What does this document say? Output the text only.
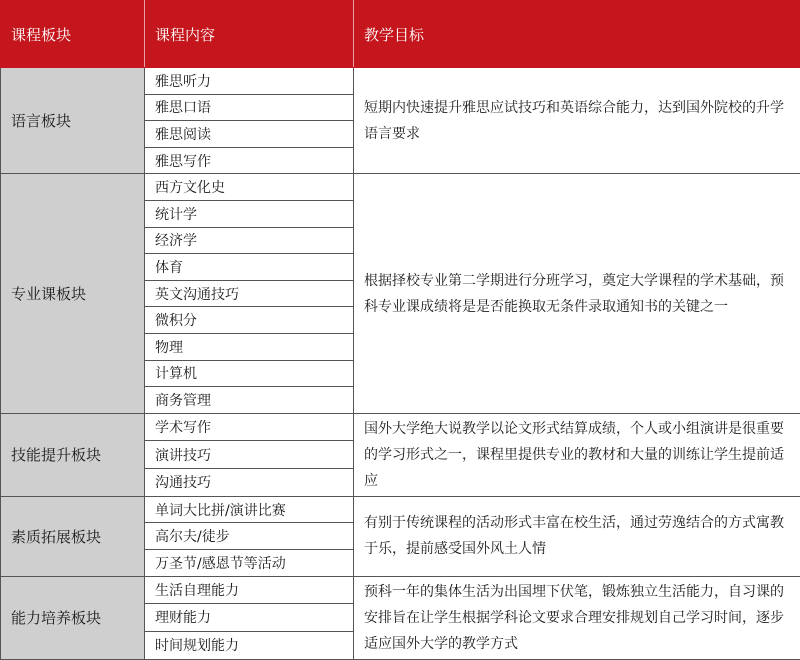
课程板块	课程内容	教学目标
语言板块	雅思听力	短期内快速提升雅思应试技巧和英语综合能力，达到国外院校的升学语言要求
	雅思口语	
	雅思阅读	
	雅思写作	
专业课板块	西方文化史	根据择校专业第二学期进行分班学习，奠定大学课程的学术基础，预科专业课成绩将是是否能换取无条件录取通知书的关键之一
	统计学	
	经济学	
	体育	
	英文沟通技巧	
	微积分	
	物理	
	计算机	
	商务管理	
技能提升板块	学术写作	国外大学绝大说教学以论文形式结算成绩，个人或小组演讲是很重要的学习形式之一，课程里提供专业的教材和大量的训练让学生提前适应
	演讲技巧	
	沟通技巧	
素质拓展板块	单词大比拼/演讲比赛	有别于传统课程的活动形式丰富在校生活，通过劳逸结合的方式寓教于乐，提前感受国外风土人情
	高尔夫/徒步	
	万圣节/感恩节等活动	
能力培养板块	生活自理能力	预科一年的集体生活为出国埋下伏笔，锻炼独立生活能力，自习课的安排旨在让学生根据学科论文要求合理安排规划自己学习时间，逐步适应国外大学的教学方式
	理财能力	
	时间规划能力	
